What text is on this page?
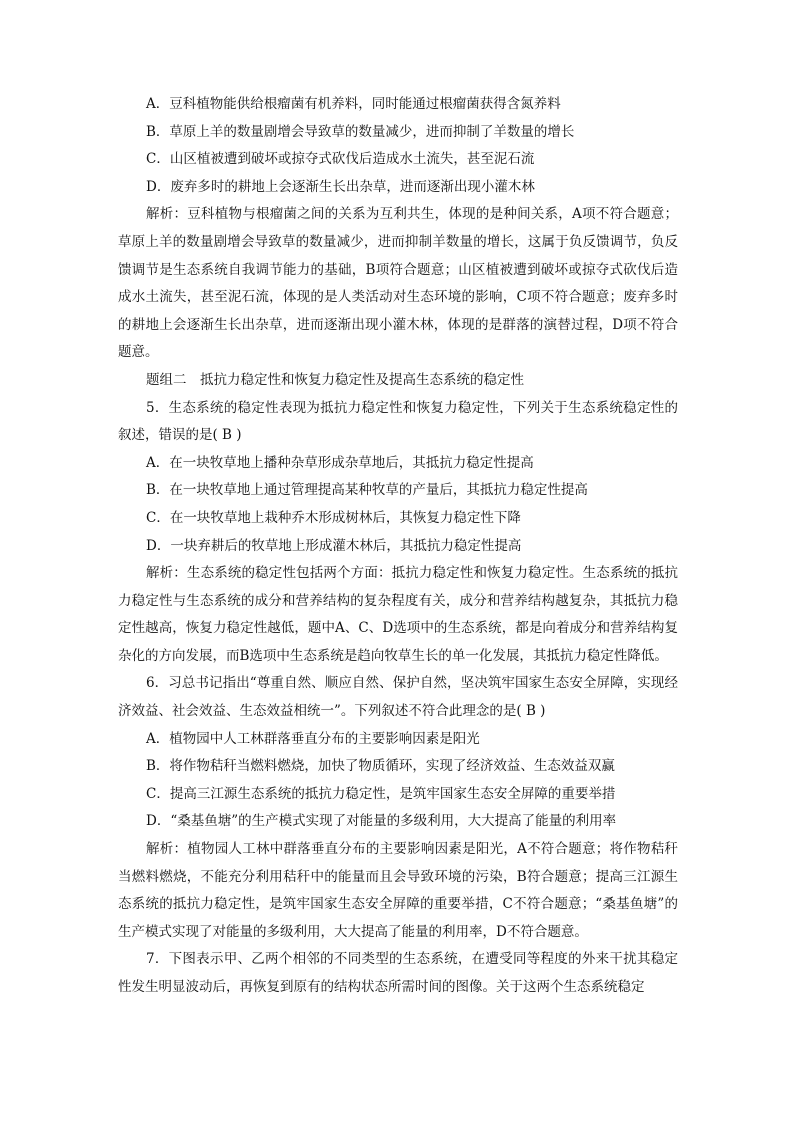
A．豆科植物能供给根瘤菌有机养料，同时能通过根瘤菌获得含氮养料
B．草原上羊的数量剧增会导致草的数量减少，进而抑制了羊数量的增长
C．山区植被遭到破坏或掠夺式砍伐后造成水土流失，甚至泥石流
D．废弃多时的耕地上会逐渐生长出杂草，进而逐渐出现小灌木林
解析：豆科植物与根瘤菌之间的关系为互利共生，体现的是种间关系，A项不符合题意；草原上羊的数量剧增会导致草的数量减少，进而抑制羊数量的增长，这属于负反馈调节，负反馈调节是生态系统自我调节能力的基础，B项符合题意；山区植被遭到破坏或掠夺式砍伐后造成水土流失，甚至泥石流，体现的是人类活动对生态环境的影响，C项不符合题意；废弃多时的耕地上会逐渐生长出杂草，进而逐渐出现小灌木林，体现的是群落的演替过程，D项不符合题意。
题组二　抵抗力稳定性和恢复力稳定性及提高生态系统的稳定性
5．生态系统的稳定性表现为抵抗力稳定性和恢复力稳定性，下列关于生态系统稳定性的叙述，错误的是( B )
A．在一块牧草地上播种杂草形成杂草地后，其抵抗力稳定性提高
B．在一块牧草地上通过管理提高某种牧草的产量后，其抵抗力稳定性提高
C．在一块牧草地上栽种乔木形成树林后，其恢复力稳定性下降
D．一块弃耕后的牧草地上形成灌木林后，其抵抗力稳定性提高
解析：生态系统的稳定性包括两个方面：抵抗力稳定性和恢复力稳定性。生态系统的抵抗力稳定性与生态系统的成分和营养结构的复杂程度有关，成分和营养结构越复杂，其抵抗力稳定性越高，恢复力稳定性越低，题中A、C、D选项中的生态系统，都是向着成分和营养结构复杂化的方向发展，而B选项中生态系统是趋向牧草生长的单一化发展，其抵抗力稳定性降低。
6．习总书记指出“尊重自然、顺应自然、保护自然，坚决筑牢国家生态安全屏障，实现经济效益、社会效益、生态效益相统一”。下列叙述不符合此理念的是( B )
A．植物园中人工林群落垂直分布的主要影响因素是阳光
B．将作物秸秆当燃料燃烧，加快了物质循环，实现了经济效益、生态效益双赢
C．提高三江源生态系统的抵抗力稳定性，是筑牢国家生态安全屏障的重要举措
D．“桑基鱼塘”的生产模式实现了对能量的多级利用，大大提高了能量的利用率
解析：植物园人工林中群落垂直分布的主要影响因素是阳光，A不符合题意；将作物秸秆当燃料燃烧，不能充分利用秸秆中的能量而且会导致环境的污染，B符合题意；提高三江源生态系统的抵抗力稳定性，是筑牢国家生态安全屏障的重要举措，C不符合题意；“桑基鱼塘”的生产模式实现了对能量的多级利用，大大提高了能量的利用率，D不符合题意。
7．下图表示甲、乙两个相邻的不同类型的生态系统，在遭受同等程度的外来干扰其稳定性发生明显波动后，再恢复到原有的结构状态所需时间的图像。关于这两个生态系统稳定
